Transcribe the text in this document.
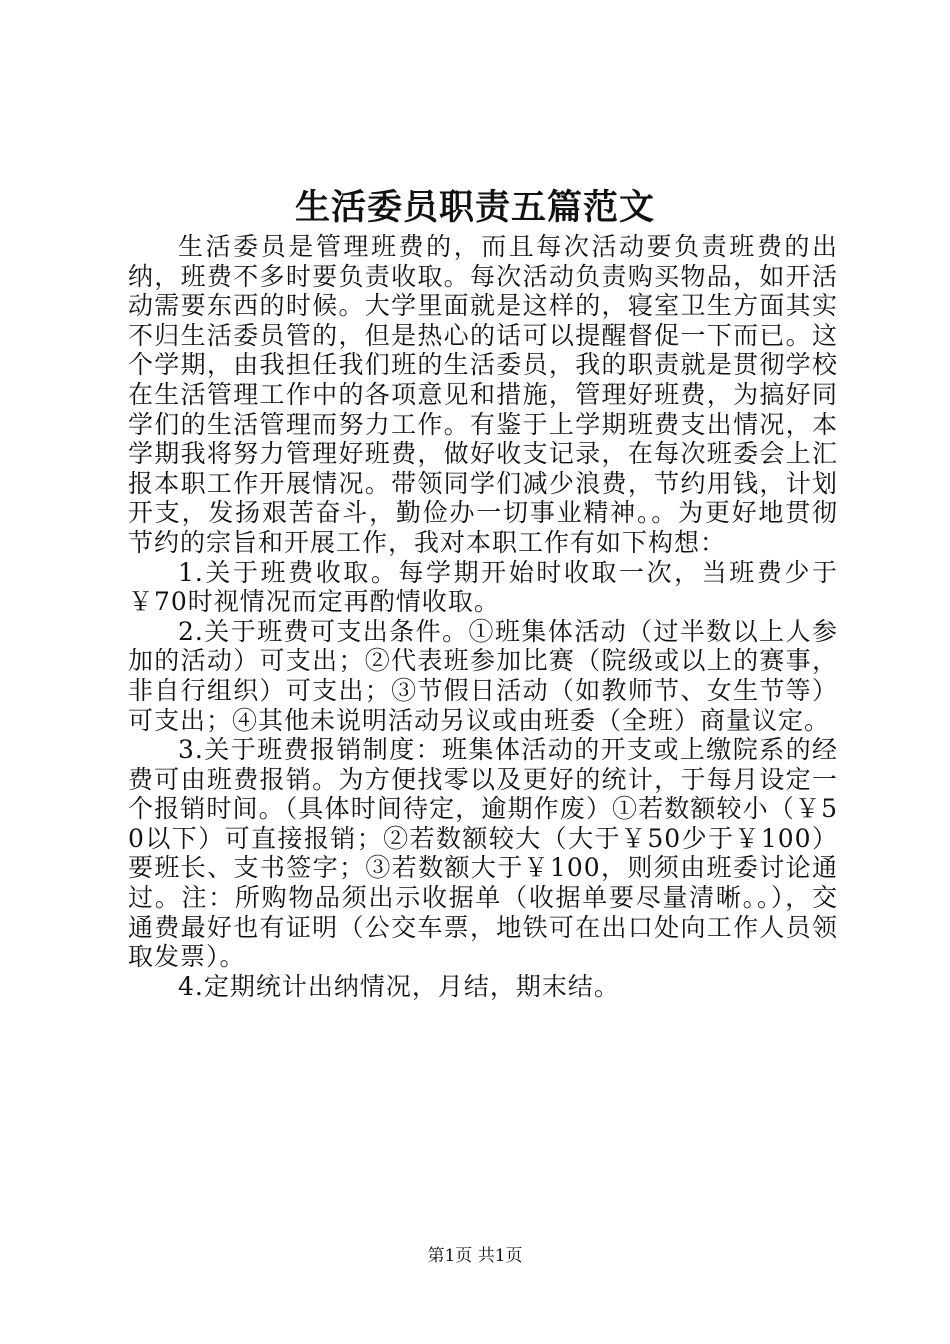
生活委员职责五篇范文

生活委员是管理班费的，而且每次活动要负责班费的出纳，班费不多时要负责收取。每次活动负责购买物品，如开活动需要东西的时候。大学里面就是这样的，寝室卫生方面其实不归生活委员管的，但是热心的话可以提醒督促一下而已。这个学期，由我担任我们班的生活委员，我的职责就是贯彻学校在生活管理工作中的各项意见和措施，管理好班费，为搞好同学们的生活管理而努力工作。有鉴于上学期班费支出情况，本学期我将努力管理好班费，做好收支记录，在每次班委会上汇报本职工作开展情况。带领同学们减少浪费，节约用钱，计划开支，发扬艰苦奋斗，勤俭办一切事业精神。。为更好地贯彻节约的宗旨和开展工作，我对本职工作有如下构想：

1.关于班费收取。每学期开始时收取一次，当班费少于￥70时视情况而定再酌情收取。

2.关于班费可支出条件。①班集体活动（过半数以上人参加的活动）可支出；②代表班参加比赛（院级或以上的赛事，非自行组织）可支出；③节假日活动（如教师节、女生节等）可支出；④其他未说明活动另议或由班委（全班）商量议定。

3.关于班费报销制度：班集体活动的开支或上缴院系的经费可由班费报销。为方便找零以及更好的统计，于每月设定一个报销时间。（具体时间待定，逾期作废）①若数额较小（￥50以下）可直接报销；②若数额较大（大于￥50少于￥100）要班长、支书签字；③若数额大于￥100，则须由班委讨论通过。注：所购物品须出示收据单（收据单要尽量清晰。。），交通费最好也有证明（公交车票，地铁可在出口处向工作人员领取发票）。

4.定期统计出纳情况，月结，期末结。

第1页 共1页
